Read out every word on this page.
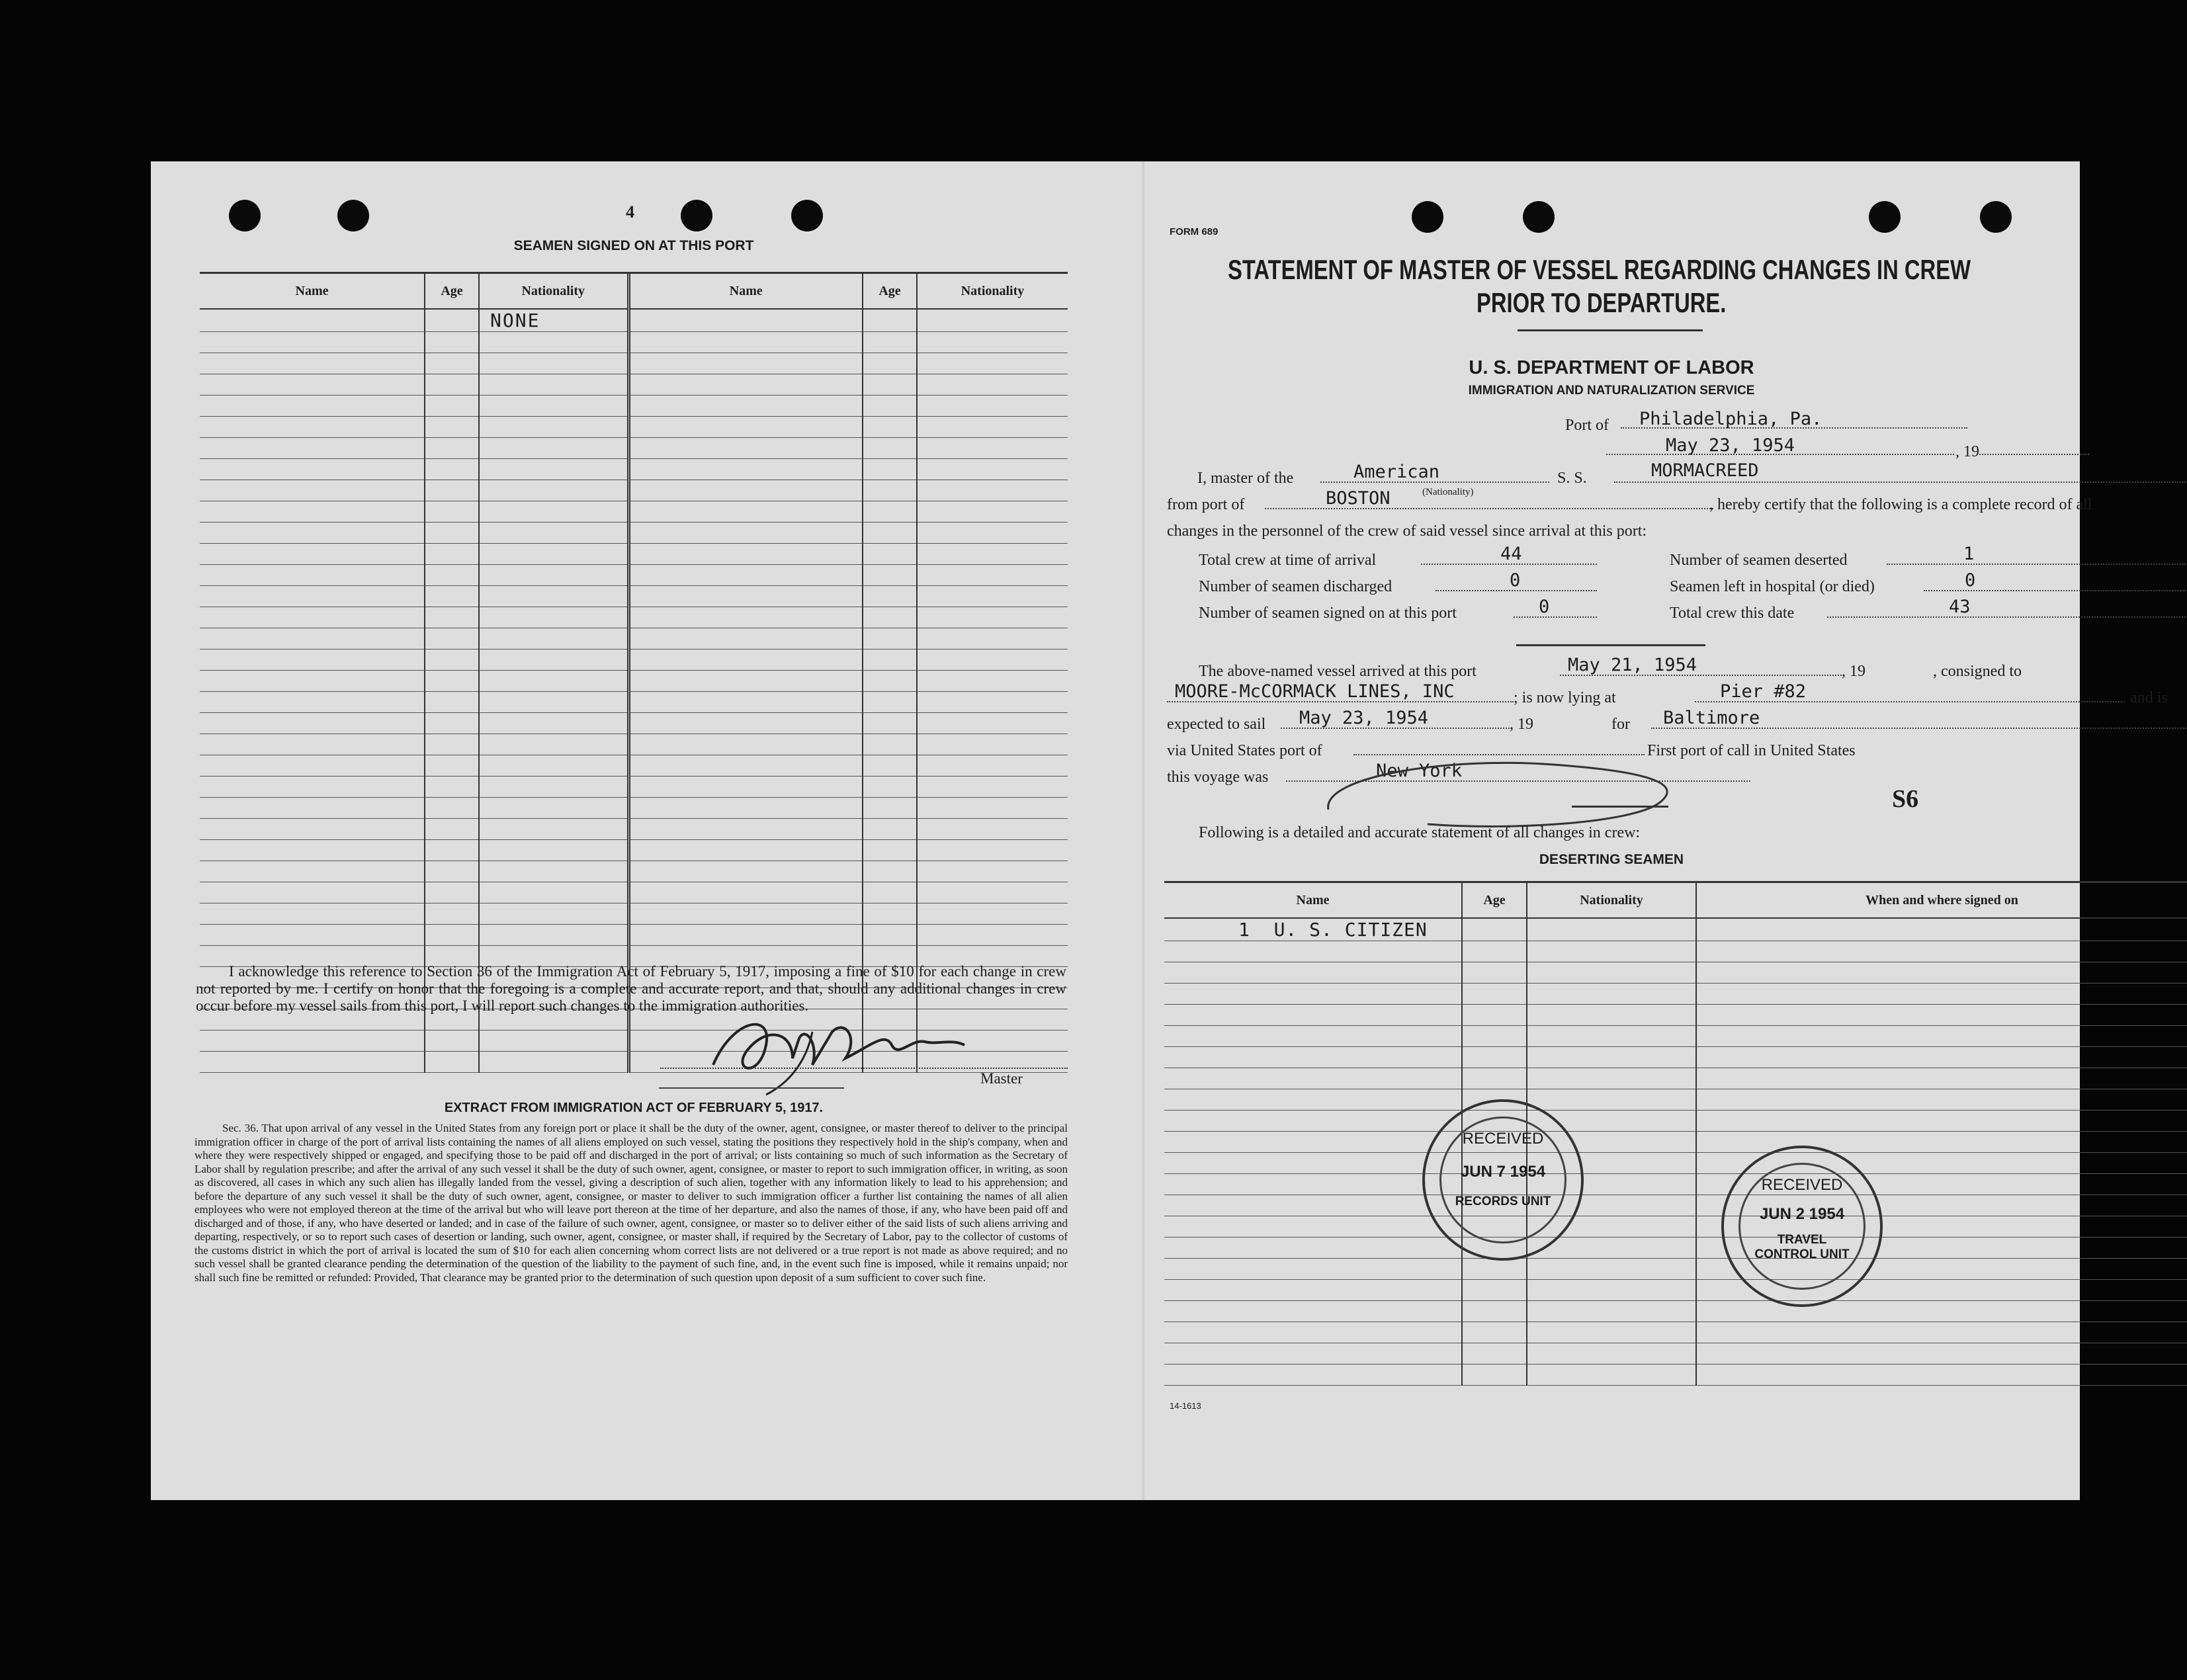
4
SEAMEN SIGNED ON AT THIS PORT
Name	Age	Nationality	Name	Age	Nationality
		NONE			

I acknowledge this reference to Section 36 of the Immigration Act of February 5, 1917, imposing a fine of $10 for each change in crew not reported by me. I certify on honor that the foregoing is a complete and accurate report, and that, should any additional changes in crew occur before my vessel sails from this port, I will report such changes to the immigration authorities.
Master
EXTRACT FROM IMMIGRATION ACT OF FEBRUARY 5, 1917.
Sec. 36. That upon arrival of any vessel in the United States from any foreign port or place it shall be the duty of the owner, agent, consignee, or master thereof to deliver to the principal immigration officer in charge of the port of arrival lists containing the names of all aliens employed on such vessel, stating the positions they respectively hold in the ship's company, when and where they were respectively shipped or engaged, and specifying those to be paid off and discharged in the port of arrival; or lists containing so much of such information as the Secretary of Labor shall by regulation prescribe; and after the arrival of any such vessel it shall be the duty of such owner, agent, consignee, or master to report to such immigration officer, in writing, as soon as discovered, all cases in which any such alien has illegally landed from the vessel, giving a description of such alien, together with any information likely to lead to his apprehension; and before the departure of any such vessel it shall be the duty of such owner, agent, consignee, or master to deliver to such immigration officer a further list containing the names of all alien employees who were not employed thereon at the time of the arrival but who will leave port thereon at the time of her departure, and also the names of those, if any, who have been paid off and discharged and of those, if any, who have deserted or landed; and in case of the failure of such owner, agent, consignee, or master so to deliver either of the said lists of such aliens arriving and departing, respectively, or so to report such cases of desertion or landing, such owner, agent, consignee, or master shall, if required by the Secretary of Labor, pay to the collector of customs of the customs district in which the port of arrival is located the sum of $10 for each alien concerning whom correct lists are not delivered or a true report is not made as above required; and no such vessel shall be granted clearance pending the determination of the question of the liability to the payment of such fine, and, in the event such fine is imposed, while it remains unpaid; nor shall such fine be remitted or refunded: Provided, That clearance may be granted prior to the determination of such question upon deposit of a sum sufficient to cover such fine.
FORM 689
STATEMENT OF MASTER OF VESSEL REGARDING CHANGES IN CREW
PRIOR TO DEPARTURE.
U. S. DEPARTMENT OF LABOR
IMMIGRATION AND NATURALIZATION SERVICE
Port of Philadelphia, Pa.
May 23, 1954	, 19
I, master of the	American	S. S.	MORMACREED
(Nationality)
from port of	BOSTON	, hereby certify that the following is a complete record of all
changes in the personnel of the crew of said vessel since arrival at this port:
Total crew at time of arrival	44	Number of seamen deserted	1
Number of seamen discharged	0	Seamen left in hospital (or died)	0
Number of seamen signed on at this port	0	Total crew this date	43
The above-named vessel arrived at this port	May 21, 1954	, 19	, consigned to
MOORE-McCORMACK LINES, INC	; is now lying at	Pier #82	, and is
expected to sail May 23, 1954	, 19	for Baltimore
via United States port of	First port of call in United States
this voyage was	New York
S6
Following is a detailed and accurate statement of all changes in crew:
DESERTING SEAMEN
Name	Age	Nationality	When and where signed on
1  U. S. CITIZEN			

RECEIVED
JUN 7 1954
RECORDS UNIT
RECEIVED
JUN 2 1954
TRAVEL CONTROL UNIT
14-1613
